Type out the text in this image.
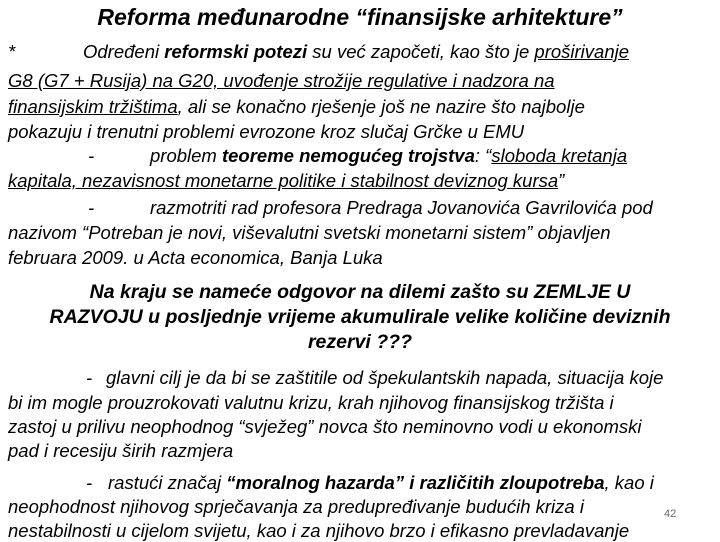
Reforma međunarodne “finansijske arhitekture”
*	Određeni reformski potezi su već započeti, kao što je proširivanje
G8 (G7 + Rusija) na G20, uvođenje strožije regulative i nadzora na
finansijskim tržištima, ali se konačno rješenje još ne nazire što najbolje
pokazuju i trenutni problemi evrozone kroz slučaj Grčke u EMU
-	problem teoreme nemogućeg trojstva: “sloboda kretanja
kapitala, nezavisnost monetarne politike i stabilnost deviznog kursa”
-	razmotriti rad profesora Predraga Jovanovića Gavrilovića pod
nazivom “Potreban je novi, viševalutni svetski monetarni sistem” objavljen
februara 2009. u Acta economica, Banja Luka
Na kraju se nameće odgovor na dilemi zašto su ZEMLJE U
RAZVOJU u posljednje vrijeme akumulirale velike količine deviznih
rezervi ???
- glavni cilj je da bi se zaštitile od špekulantskih napada, situacija koje
bi im mogle prouzrokovati valutnu krizu, krah njihovog finansijskog tržišta i
zastoj u prilivu neophodnog “svježeg” novca što neminovno vodi u ekonomski
pad i recesiju širih razmjera
- rastući značaj “moralnog hazarda” i različitih zloupotreba, kao i
neophodnost njihovog sprječavanja za predupređivanje budućih kriza i
nestabilnosti u cijelom svijetu, kao i za njihovo brzo i efikasno prevladavanje
42
